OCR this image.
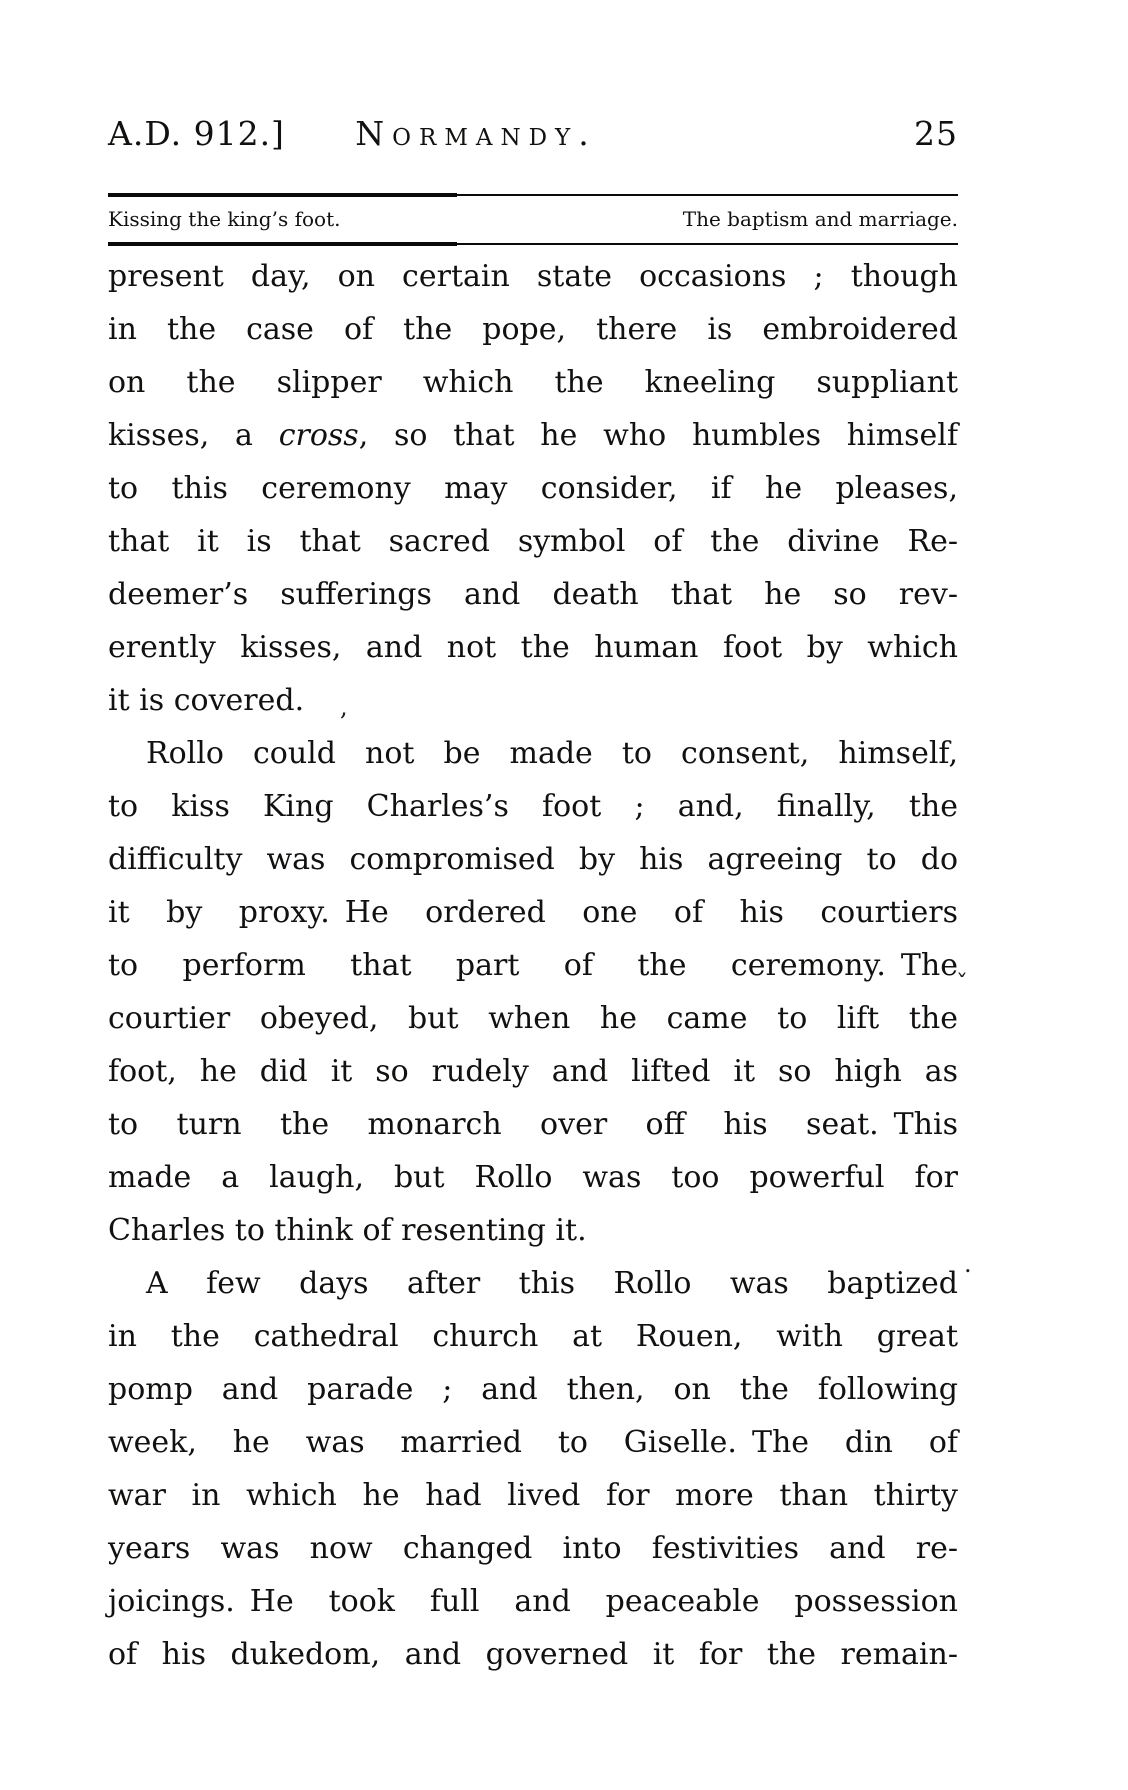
A.D. 912.] Normandy.	25
Kissing the king’s foot.	The baptism and marriage.
present day, on certain state occasions ; though
in the case of the pope, there is embroidered
on the slipper which the kneeling suppliant
kisses, a cross, so that he who humbles himself
to this ceremony may consider, if he pleases,
that it is that sacred symbol of the divine Re-
deemer’s sufferings and death that he so rev-
erently kisses, and not the human foot by which
it is covered.
Rollo could not be made to consent, himself,
to kiss King Charles’s foot ; and, finally, the
difficulty was compromised by his agreeing to do
it by proxy. He ordered one of his courtiers
to perform that part of the ceremony. The
courtier obeyed, but when he came to lift the
foot, he did it so rudely and lifted it so high as
to turn the monarch over off his seat. This
made a laugh, but Rollo was too powerful for
Charles to think of resenting it.
A few days after this Rollo was baptized
in the cathedral church at Rouen, with great
pomp and parade ; and then, on the following
week, he was married to Giselle. The din of
war in which he had lived for more than thirty
years was now changed into festivities and re-
joicings. He took full and peaceable possession
of his dukedom, and governed it for the remain-
,
ˇ
.
